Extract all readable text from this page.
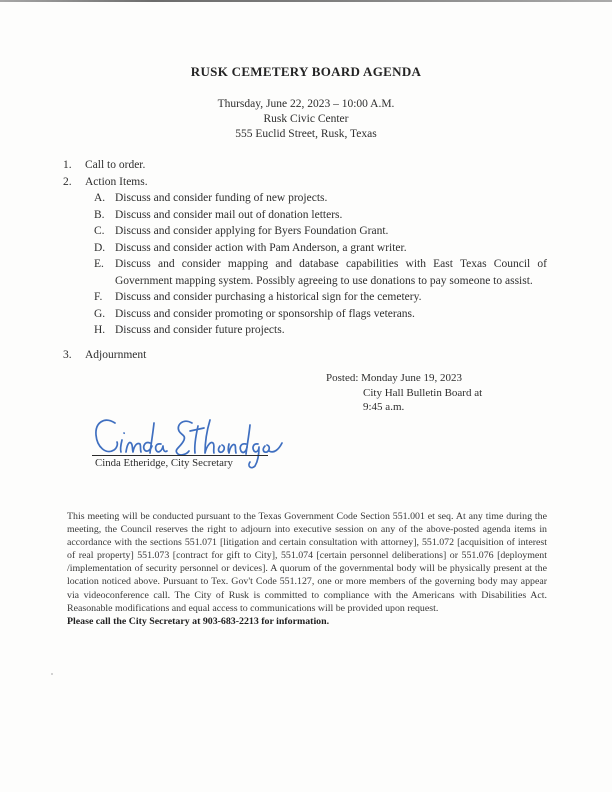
RUSK CEMETERY BOARD AGENDA
Thursday, June 22, 2023 – 10:00 A.M.
Rusk Civic Center
555 Euclid Street, Rusk, Texas
1.	Call to order.
2.	Action Items.
A. Discuss and consider funding of new projects.
B. Discuss and consider mail out of donation letters.
C. Discuss and consider applying for Byers Foundation Grant.
D. Discuss and consider action with Pam Anderson, a grant writer.
E. Discuss and consider mapping and database capabilities with East Texas Council of Government mapping system. Possibly agreeing to use donations to pay someone to assist.
F.	Discuss and consider purchasing a historical sign for the cemetery.
G. Discuss and consider promoting or sponsorship of flags veterans.
H. Discuss and consider future projects.
3.	Adjournment
Posted: Monday June 19, 2023
City Hall Bulletin Board at
9:45 a.m.
Cinda Etheridge, City Secretary
This meeting will be conducted pursuant to the Texas Government Code Section 551.001 et seq. At any time during the meeting, the Council reserves the right to adjourn into executive session on any of the above-posted agenda items in accordance with the sections 551.071 [litigation and certain consultation with attorney], 551.072 [acquisition of interest of real property] 551.073 [contract for gift to City], 551.074 [certain personnel deliberations] or 551.076 [deployment /implementation of security personnel or devices]. A quorum of the governmental body will be physically present at the location noticed above. Pursuant to Tex. Gov't Code 551.127, one or more members of the governing body may appear via videoconference call. The City of Rusk is committed to compliance with the Americans with Disabilities Act. Reasonable modifications and equal access to communications will be provided upon request.
Please call the City Secretary at 903-683-2213 for information.
